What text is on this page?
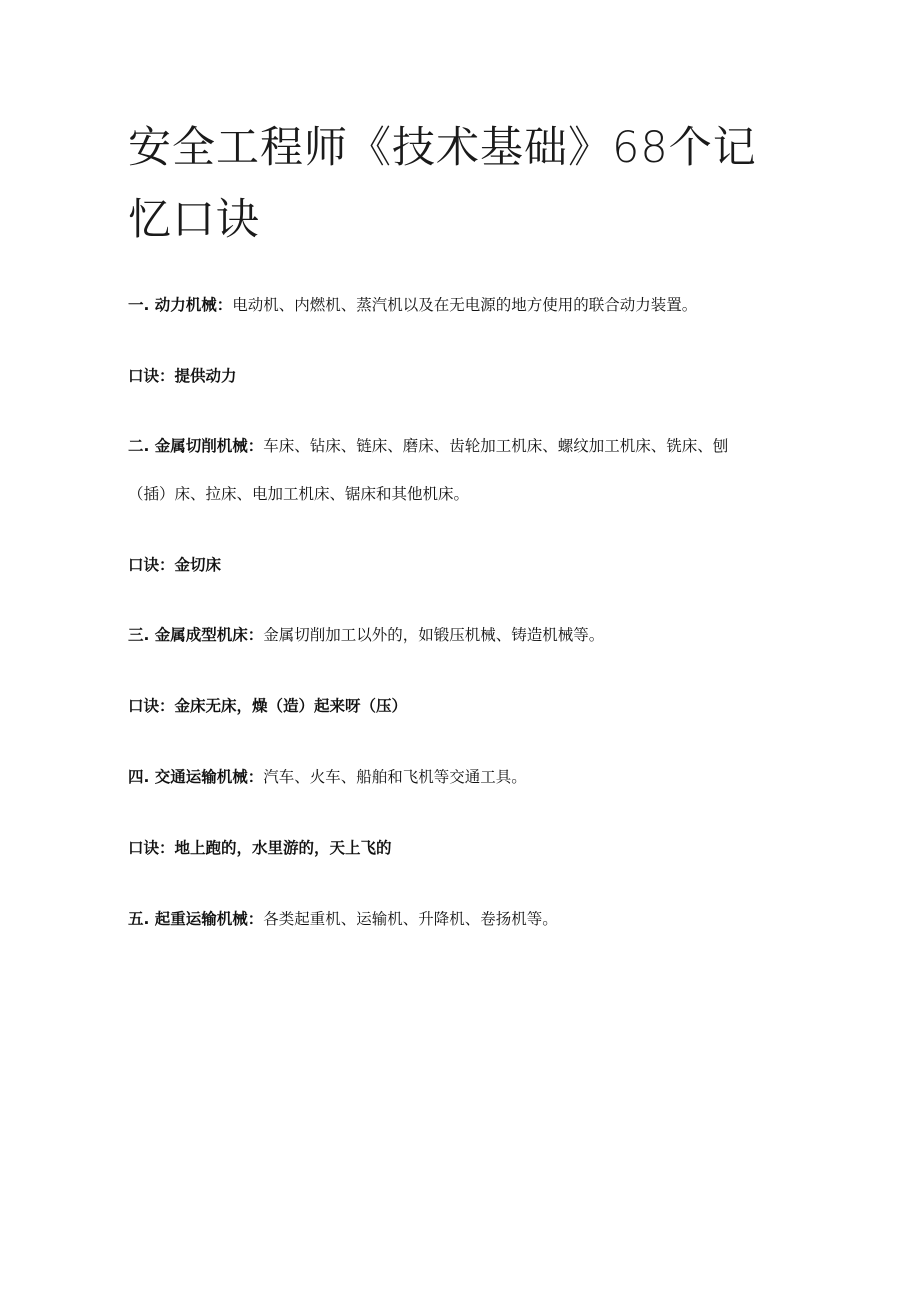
安全工程师《技术基础》68个记忆口诀
一. 动力机械：电动机、内燃机、蒸汽机以及在无电源的地方使用的联合动力装置。
口诀：提供动力
二. 金属切削机械：车床、钻床、链床、磨床、齿轮加工机床、螺纹加工机床、铣床、刨
（插）床、拉床、电加工机床、锯床和其他机床。
口诀：金切床
三. 金属成型机床：金属切削加工以外的，如锻压机械、铸造机械等。
口诀：金床无床，燥（造）起来呀（压）
四. 交通运输机械：汽车、火车、船舶和飞机等交通工具。
口诀：地上跑的，水里游的，天上飞的
五. 起重运输机械：各类起重机、运输机、升降机、卷扬机等。
